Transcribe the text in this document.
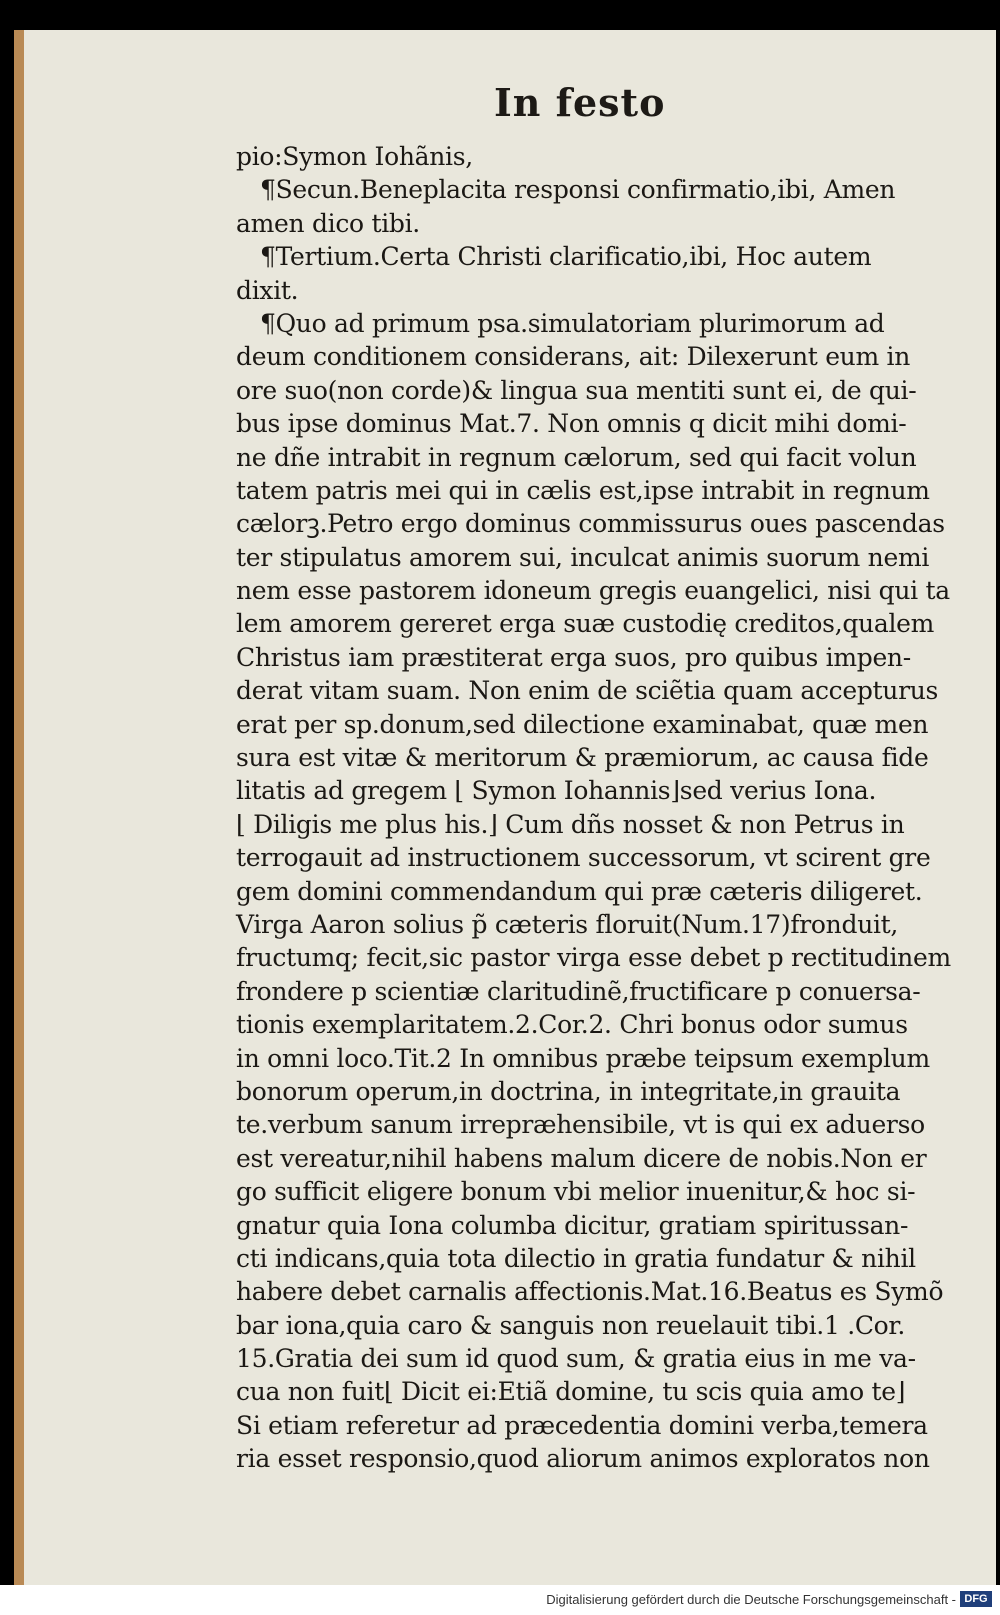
In festo
pio:Symon Iohãnis,
¶Secun.Beneplacita responsi confirmatio,ibi, Amen
amen dico tibi.
¶Tertium.Certa Christi clarificatio,ibi, Hoc autem
dixit.
¶Quo ad primum psa.simulatoriam plurimorum ad
deum conditionem considerans, ait: Dilexerunt eum in
ore suo(non corde)& lingua sua mentiti sunt ei, de qui-
bus ipse dominus Mat.7. Non omnis q dicit mihi domi-
ne dñe intrabit in regnum cælorum, sed qui facit volun
tatem patris mei qui in cælis est,ipse intrabit in regnum
cælorꝫ.Petro ergo dominus commissurus oues pascendas
ter stipulatus amorem sui, inculcat animis suorum nemi
nem esse pastorem idoneum gregis euangelici, nisi qui ta
lem amorem gereret erga suæ custodię creditos,qualem
Christus iam præstiterat erga suos, pro quibus impen-
derat vitam suam. Non enim de sciẽtia quam accepturus
erat per sp.donum,sed dilectione examinabat, quæ men
sura est vitæ & meritorum & præmiorum, ac causa fide
litatis ad gregem ⌊ Symon Iohannis⌋sed verius Iona.
⌊ Diligis me plus his.⌋ Cum dñs nosset & non Petrus in
terrogauit ad instructionem successorum, vt scirent gre
gem domini commendandum qui præ cæteris diligeret.
Virga Aaron solius p̃ cæteris floruit(Num.17)fronduit,
fructumq; fecit,sic pastor virga esse debet p rectitudinem
frondere p scientiæ claritudinẽ,fructificare p conuersa-
tionis exemplaritatem.2.Cor.2. Chri bonus odor sumus
in omni loco.Tit.2 In omnibus præbe teipsum exemplum
bonorum operum,in doctrina, in integritate,in grauita
te.verbum sanum irrepræhensibile, vt is qui ex aduerso
est vereatur,nihil habens malum dicere de nobis.Non er
go sufficit eligere bonum vbi melior inuenitur,& hoc si-
gnatur quia Iona columba dicitur, gratiam spiritussan-
cti indicans,quia tota dilectio in gratia fundatur & nihil
habere debet carnalis affectionis.Mat.16.Beatus es Symõ
bar iona,quia caro & sanguis non reuelauit tibi.1 .Cor.
15.Gratia dei sum id quod sum, & gratia eius in me va-
cua non fuit⌊ Dicit ei:Etiã domine, tu scis quia amo te⌋
Si etiam referetur ad præcedentia domini verba,temera
ria esset responsio,quod aliorum animos exploratos non
Digitalisierung gefördert durch die Deutsche Forschungsgemeinschaft - DFG
